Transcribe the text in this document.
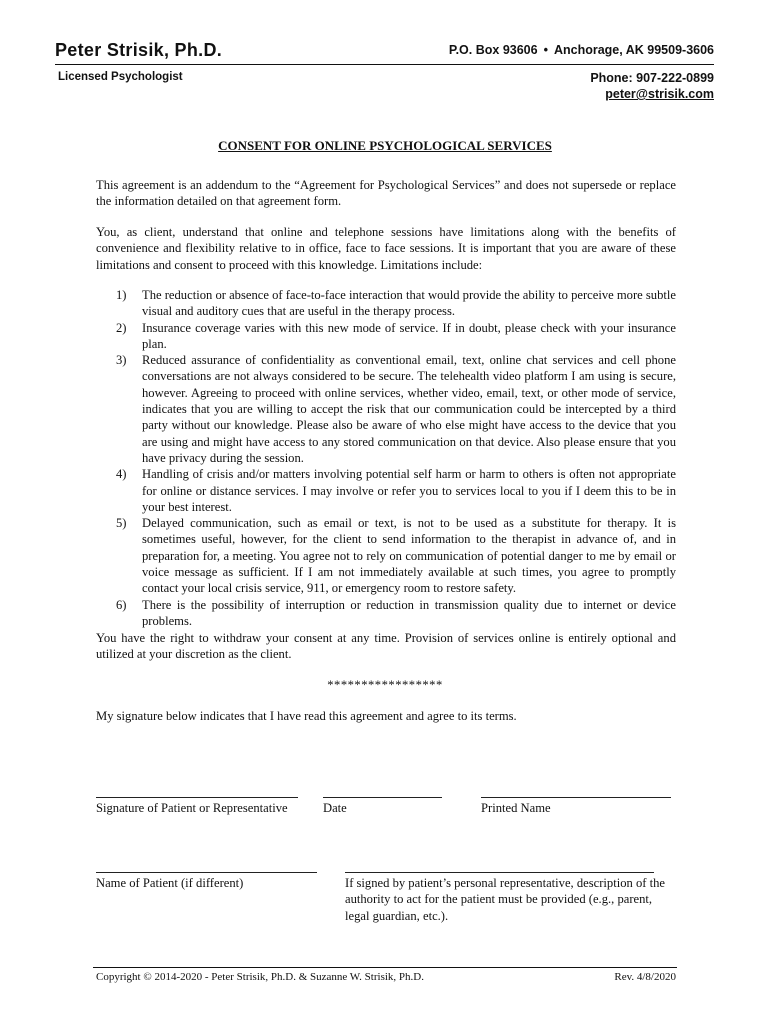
Peter Strisik, Ph.D.	P.O. Box 93606 • Anchorage, AK 99509-3606
Licensed Psychologist	Phone: 907-222-0899
peter@strisik.com
CONSENT FOR ONLINE PSYCHOLOGICAL SERVICES
This agreement is an addendum to the “Agreement for Psychological Services” and does not supersede or replace the information detailed on that agreement form.
You, as client, understand that online and telephone sessions have limitations along with the benefits of convenience and flexibility relative to in office, face to face sessions. It is important that you are aware of these limitations and consent to proceed with this knowledge. Limitations include:
1) The reduction or absence of face-to-face interaction that would provide the ability to perceive more subtle visual and auditory cues that are useful in the therapy process.
2) Insurance coverage varies with this new mode of service. If in doubt, please check with your insurance plan.
3) Reduced assurance of confidentiality as conventional email, text, online chat services and cell phone conversations are not always considered to be secure. The telehealth video platform I am using is secure, however. Agreeing to proceed with online services, whether video, email, text, or other mode of service, indicates that you are willing to accept the risk that our communication could be intercepted by a third party without our knowledge. Please also be aware of who else might have access to the device that you are using and might have access to any stored communication on that device. Also please ensure that you have privacy during the session.
4) Handling of crisis and/or matters involving potential self harm or harm to others is often not appropriate for online or distance services. I may involve or refer you to services local to you if I deem this to be in your best interest.
5) Delayed communication, such as email or text, is not to be used as a substitute for therapy. It is sometimes useful, however, for the client to send information to the therapist in advance of, and in preparation for, a meeting. You agree not to rely on communication of potential danger to me by email or voice message as sufficient. If I am not immediately available at such times, you agree to promptly contact your local crisis service, 911, or emergency room to restore safety.
6) There is the possibility of interruption or reduction in transmission quality due to internet or device problems.
You have the right to withdraw your consent at any time. Provision of services online is entirely optional and utilized at your discretion as the client.
*****************
My signature below indicates that I have read this agreement and agree to its terms.
Signature of Patient or Representative	Date	Printed Name
Name of Patient (if different)	If signed by patient’s personal representative, description of the authority to act for the patient must be provided (e.g., parent, legal guardian, etc.).
Copyright © 2014-2020 - Peter Strisik, Ph.D. & Suzanne W. Strisik, Ph.D.	Rev. 4/8/2020
